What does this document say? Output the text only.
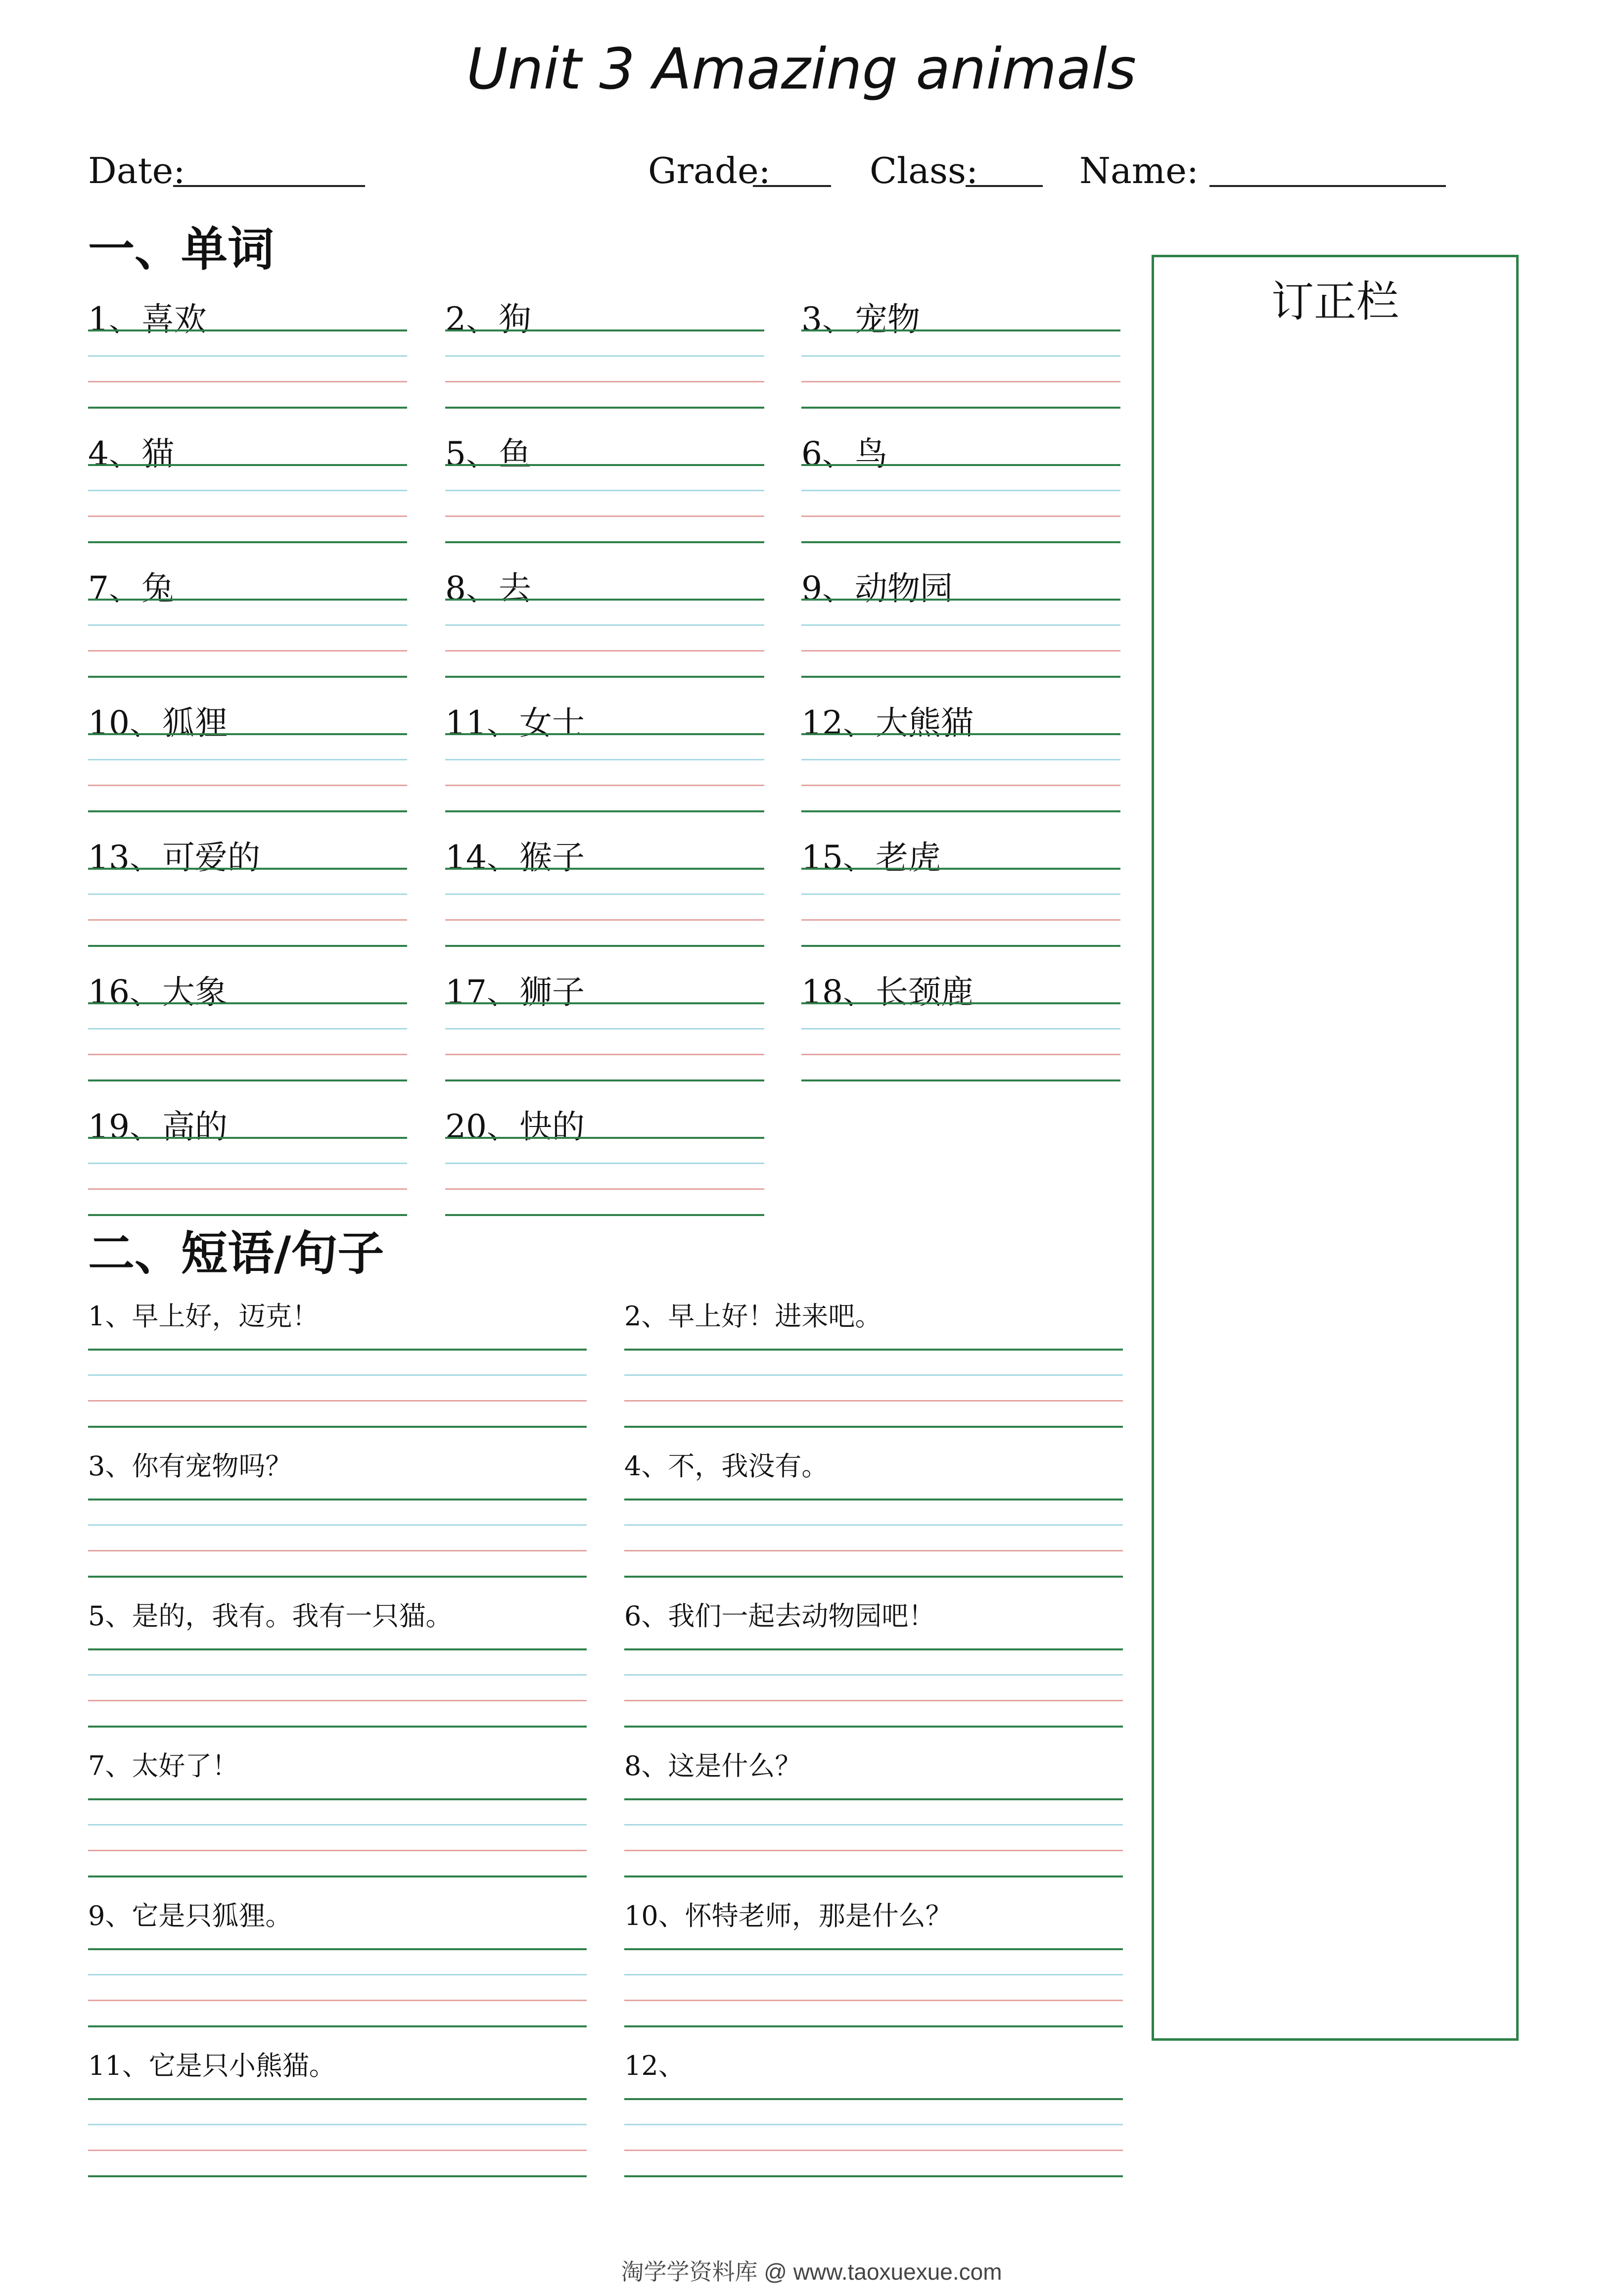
Unit 3 Amazing animals
Date:	Grade:	Class:	Name:
一、单词
1、喜欢	2、狗	3、宠物
4、猫	5、鱼	6、鸟
7、兔	8、去	9、动物园
10、狐狸	11、女士	12、大熊猫
13、可爱的	14、猴子	15、老虎
16、大象	17、狮子	18、长颈鹿
19、高的	20、快的
二、短语/句子
1、早上好，迈克！	2、早上好！进来吧。
3、你有宠物吗？	4、不，我没有。
5、是的，我有。我有一只猫。	6、我们一起去动物园吧！
7、太好了！	8、这是什么？
9、它是只狐狸。	10、怀特老师，那是什么？
11、它是只小熊猫。	12、
订正栏
淘学学资料库 @ www.taoxuexue.com
